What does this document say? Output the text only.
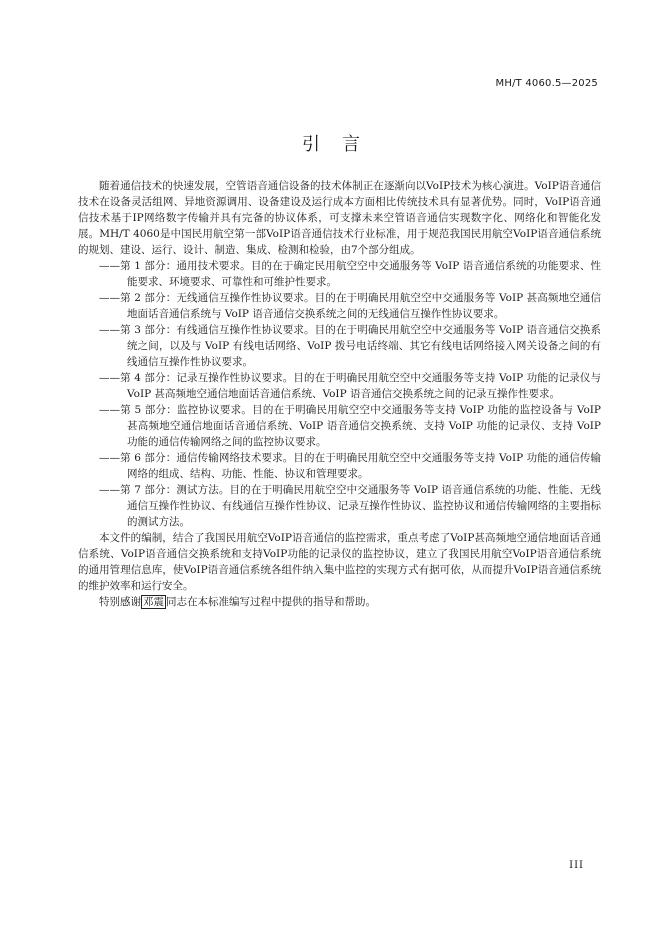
MH/T 4060.5—2025
引言

随着通信技术的快速发展，空管语音通信设备的技术体制正在逐渐向以VoIP技术为核心演进。VoIP语音通信技术在设备灵活组网、异地资源调用、设备建设及运行成本方面相比传统技术具有显著优势。同时，VoIP语音通信技术基于IP网络数字传输并具有完备的协议体系，可支撑未来空管语音通信实现数字化、网络化和智能化发展。MH/T 4060是中国民用航空第一部VoIP语音通信技术行业标准，用于规范我国民用航空VoIP语音通信系统的规划、建设、运行、设计、制造、集成、检测和检验，由7个部分组成。

——第 1 部分：通用技术要求。目的在于确定民用航空空中交通服务等 VoIP 语音通信系统的功能要求、性能要求、环境要求、可靠性和可维护性要求。

——第 2 部分：无线通信互操作性协议要求。目的在于明确民用航空空中交通服务等 VoIP 甚高频地空通信地面话音通信系统与 VoIP 语音通信交换系统之间的无线通信互操作性协议要求。

——第 3 部分：有线通信互操作性协议要求。目的在于明确民用航空空中交通服务等 VoIP 语音通信交换系统之间，以及与 VoIP 有线电话网络、VoIP 拨号电话终端、其它有线电话网络接入网关设备之间的有线通信互操作性协议要求。

——第 4 部分：记录互操作性协议要求。目的在于明确民用航空空中交通服务等支持 VoIP 功能的记录仪与 VoIP 甚高频地空通信地面话音通信系统、VoIP 语音通信交换系统之间的记录互操作性要求。

——第 5 部分：监控协议要求。目的在于明确民用航空空中交通服务等支持 VoIP 功能的监控设备与 VoIP 甚高频地空通信地面话音通信系统、VoIP 语音通信交换系统、支持 VoIP 功能的记录仪、支持 VoIP 功能的通信传输网络之间的监控协议要求。

——第 6 部分：通信传输网络技术要求。目的在于明确民用航空空中交通服务等支持 VoIP 功能的通信传输网络的组成、结构、功能、性能、协议和管理要求。

——第 7 部分：测试方法。目的在于明确民用航空空中交通服务等 VoIP 语音通信系统的功能、性能、无线通信互操作性协议、有线通信互操作性协议、记录互操作性协议、监控协议和通信传输网络的主要指标的测试方法。

本文件的编制，结合了我国民用航空VoIP语音通信的监控需求，重点考虑了VoIP甚高频地空通信地面话音通信系统、VoIP语音通信交换系统和支持VoIP功能的记录仪的监控协议，建立了我国民用航空VoIP语音通信系统的通用管理信息库，使VoIP语音通信系统各组件纳入集中监控的实现方式有据可依，从而提升VoIP语音通信系统的维护效率和运行安全。

特别感谢 邓震 同志在本标准编写过程中提供的指导和帮助。

III
